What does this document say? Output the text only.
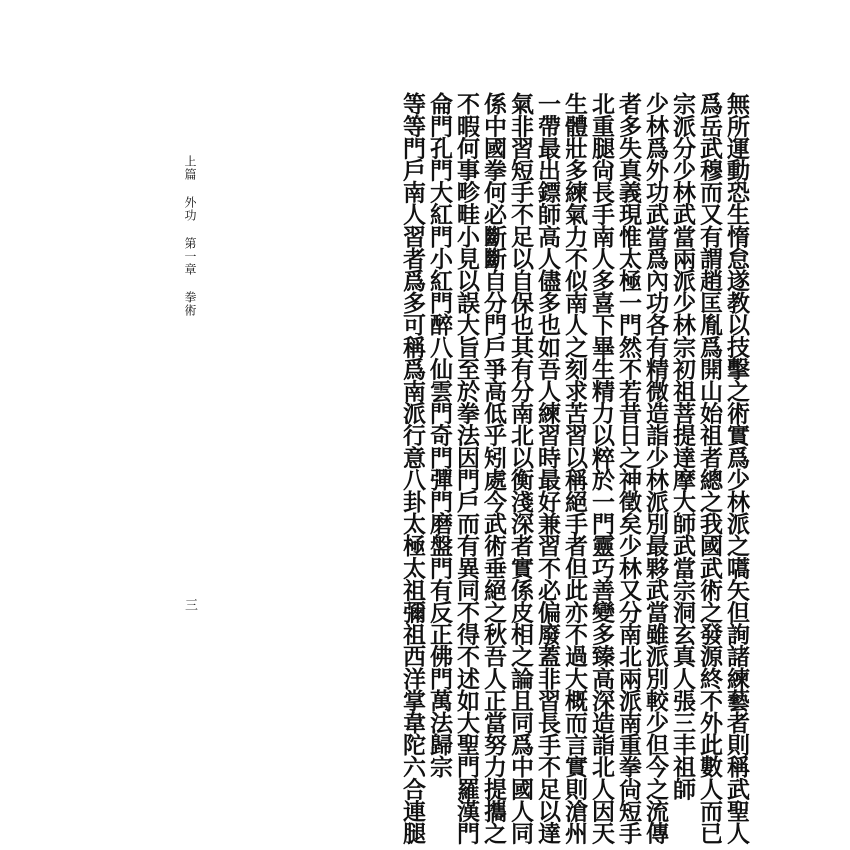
無所運動恐生惰怠遂教以技擊之術實爲少林派之嚆矢但詢諸練藝者則稱武聖人
爲岳武穆而又有謂趙匡胤爲開山始祖者總之我國武術之發源終不外此數人而已
宗派分少林武當兩派少林宗初祖菩提達摩大師武當宗洞玄真人張三丰祖師
少林爲外功武當爲內功各有精微造詣少林派別最夥武當雖派別較少但今之流傳
者多失真義現惟太極一門然不若昔日之神徵矣少林又分南北兩派南重拳尙短手
北重腿尙長手南人多喜下畢生精力以粹於一門靈巧善變多臻高深造詣北人因天
生體壯多練氣力不似南人之刻求苦習以稱絕手者但此亦不過大概而言實則滄州
一帶最出鏢師高人儘多也如吾人練習時最好兼習不必偏廢蓋非習長手不足以達
氣非習短手不足以自保也其有分南北以衡淺深者實係皮相之論且同爲中國人同
係中國拳何必斷斷自分門戶爭高低乎矧處今武術垂絕之秋吾人正當努力提攜之
不暇何事畛畦小見以誤大旨至於拳法因門戶而有異同不得不述如大聖門羅漢門
侖門孔門大紅門小紅門醉八仙雲門奇門彈門磨盤門有反正佛門萬法歸宗
等等門戶南人習者爲多可稱爲南派行意八卦太極太祖彌祖西洋掌韋陀六合連腿
上篇 外功 第一章 拳術
三
